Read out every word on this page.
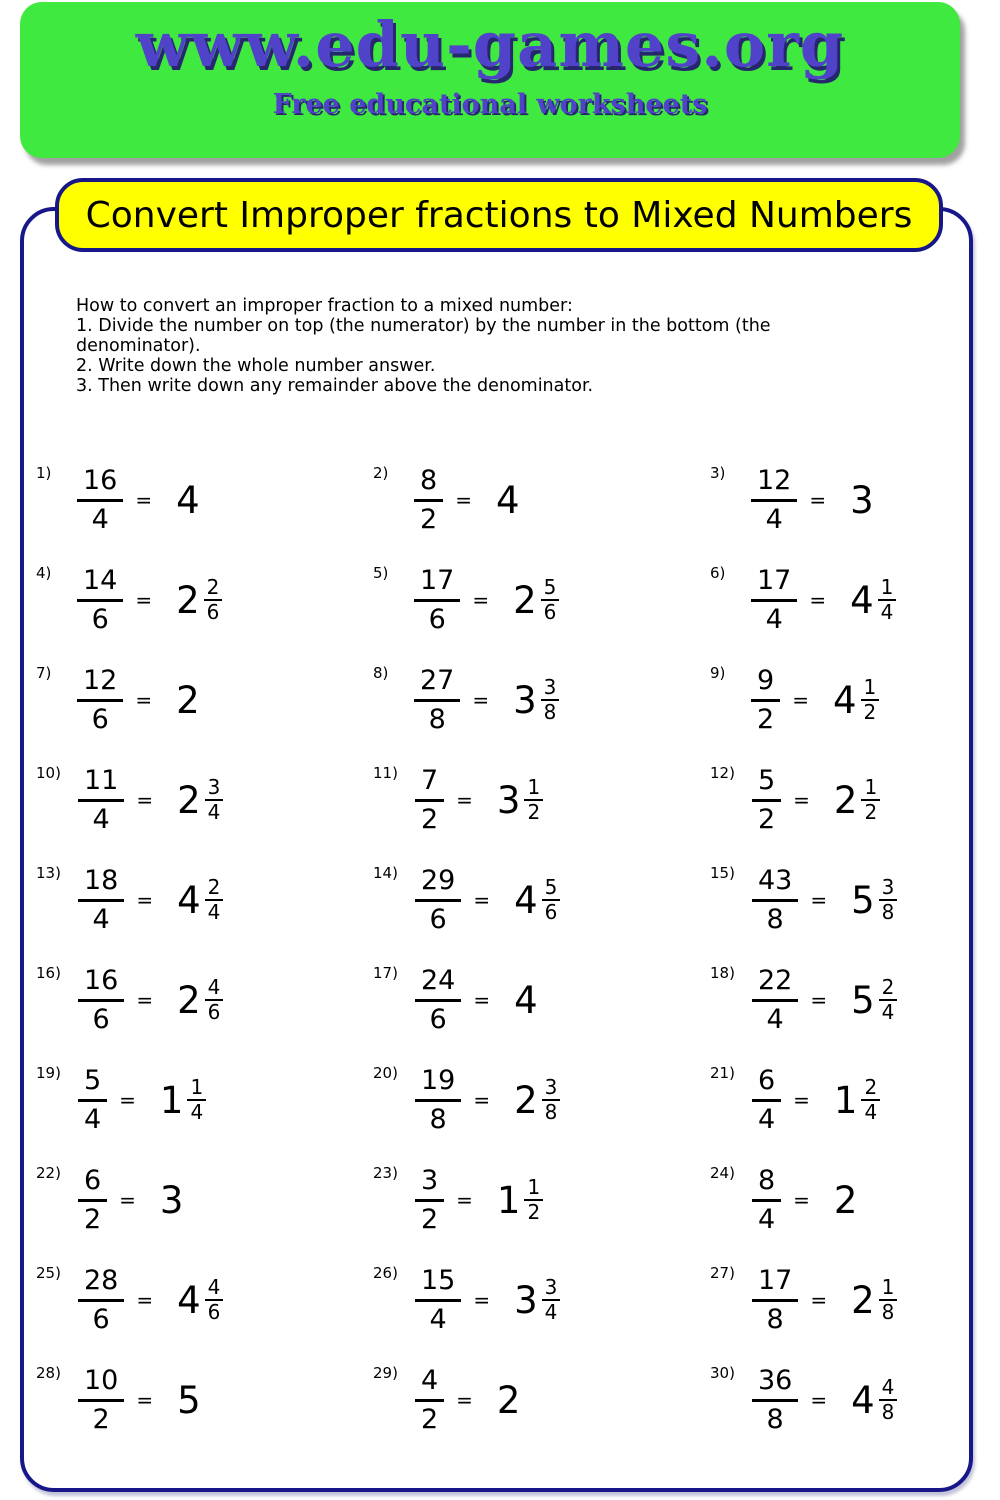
www.edu-games.org
Free educational worksheets
Convert Improper fractions to Mixed Numbers
How to convert an improper fraction to a mixed number:
1. Divide the number on top (the numerator) by the number in the bottom (the denominator).
2. Write down the whole number answer.
3. Then write down any remainder above the denominator.
$1) \frac{16}{4} = 4$
$2) \frac{8}{2} = 4$
$3) \frac{12}{4} = 3$
$4) \frac{14}{6} = 2 \frac{2}{6}$
$5) \frac{17}{6} = 2 \frac{5}{6}$
$6) \frac{17}{4} = 4 \frac{1}{4}$
$7) \frac{12}{6} = 2$
$8) \frac{27}{8} = 3 \frac{3}{8}$
$9) \frac{9}{2} = 4 \frac{1}{2}$
$10) \frac{11}{4} = 2 \frac{3}{4}$
$11) \frac{7}{2} = 3 \frac{1}{2}$
$12) \frac{5}{2} = 2 \frac{1}{2}$
$13) \frac{18}{4} = 4 \frac{2}{4}$
$14) \frac{29}{6} = 4 \frac{5}{6}$
$15) \frac{43}{8} = 5 \frac{3}{8}$
$16) \frac{16}{6} = 2 \frac{4}{6}$
$17) \frac{24}{6} = 4$
$18) \frac{22}{4} = 5 \frac{2}{4}$
$19) \frac{5}{4} = 1 \frac{1}{4}$
$20) \frac{19}{8} = 2 \frac{3}{8}$
$21) \frac{6}{4} = 1 \frac{2}{4}$
$22) \frac{6}{2} = 3$
$23) \frac{3}{2} = 1 \frac{1}{2}$
$24) \frac{8}{4} = 2$
$25) \frac{28}{6} = 4 \frac{4}{6}$
$26) \frac{15}{4} = 3 \frac{3}{4}$
$27) \frac{17}{8} = 2 \frac{1}{8}$
$28) \frac{10}{2} = 5$
$29) \frac{4}{2} = 2$
$30) \frac{36}{8} = 4 \frac{4}{8}$
